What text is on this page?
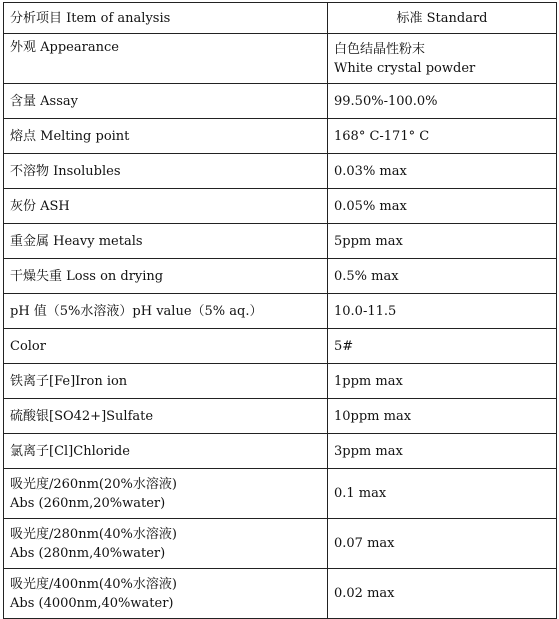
分析项目 Item of analysis	标准 Standard

外观 Appearance	白色结晶性粉末
White crystal powder

含量 Assay	99.50%-100.0%

熔点 Melting point	168° C-171° C

不溶物 Insolubles	0.03% max

灰份 ASH	0.05% max

重金属 Heavy metals	5ppm max

干燥失重 Loss on drying	0.5% max

pH 值（5%水溶液）pH value（5% aq.）	10.0-11.5

Color	5#

铁离子[Fe]Iron ion	1ppm max

硫酸银[SO42+]Sulfate	10ppm max

氯离子[Cl]Chloride	3ppm max

吸光度/260nm(20%水溶液)
Abs (260nm,20%water)	0.1 max

吸光度/280nm(40%水溶液)
Abs (280nm,40%water)	0.07 max

吸光度/400nm(40%水溶液)
Abs (4000nm,40%water)	0.02 max
